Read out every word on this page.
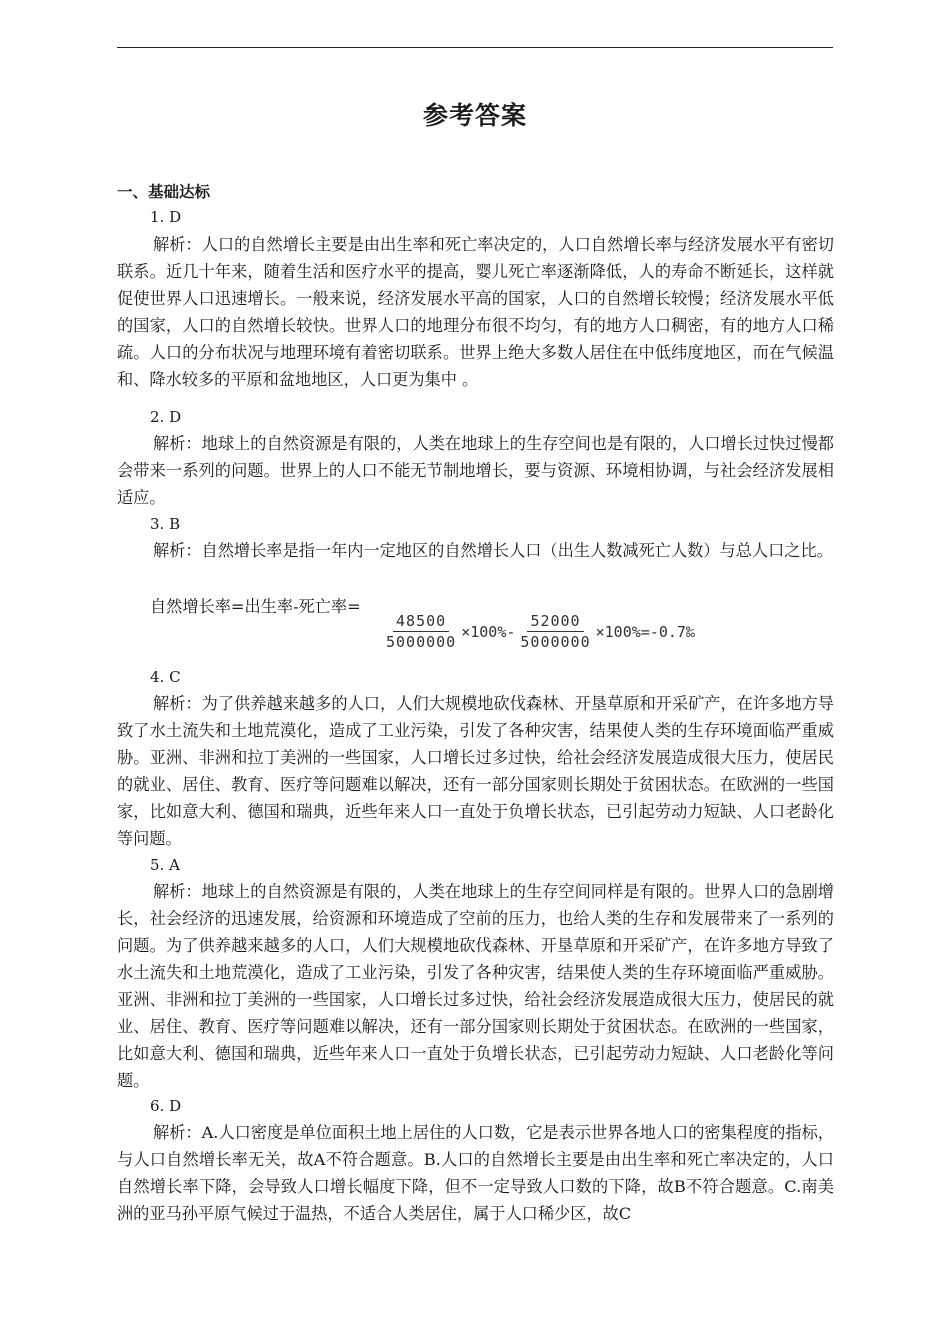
参考答案
一、基础达标
1. D
解析：人口的自然增长主要是由出生率和死亡率决定的，人口自然增长率与经济发展水平有密切联系。近几十年来，随着生活和医疗水平的提高，婴儿死亡率逐渐降低，人的寿命不断延长，这样就促使世界人口迅速增长。一般来说，经济发展水平高的国家，人口的自然增长较慢；经济发展水平低的国家，人口的自然增长较快。世界人口的地理分布很不均匀，有的地方人口稠密，有的地方人口稀疏。人口的分布状况与地理环境有着密切联系。世界上绝大多数人居住在中低纬度地区，而在气候温和、降水较多的平原和盆地地区，人口更为集中 。
2. D
解析：地球上的自然资源是有限的，人类在地球上的生存空间也是有限的，人口增长过快过慢都会带来一系列的问题。世界上的人口不能无节制地增长，要与资源、环境相协调，与社会经济发展相适应。
3. B
解析：自然增长率是指一年内一定地区的自然增长人口（出生人数减死亡人数）与总人口之比。
自然增长率=出生率-死亡率=
$\frac{48500}{5000000} \times 100\%- \frac{52000}{5000000}$ ×100%=-0.7‰
4. C
解析：为了供养越来越多的人口，人们大规模地砍伐森林、开垦草原和开采矿产，在许多地方导致了水土流失和土地荒漠化，造成了工业污染，引发了各种灾害，结果使人类的生存环境面临严重威胁。亚洲、非洲和拉丁美洲的一些国家，人口增长过多过快，给社会经济发展造成很大压力，使居民的就业、居住、教育、医疗等问题难以解决，还有一部分国家则长期处于贫困状态。在欧洲的一些国家，比如意大利、德国和瑞典，近些年来人口一直处于负增长状态，已引起劳动力短缺、人口老龄化等问题。
5. A
解析：地球上的自然资源是有限的，人类在地球上的生存空间同样是有限的。世界人口的急剧增长，社会经济的迅速发展，给资源和环境造成了空前的压力，也给人类的生存和发展带来了一系列的问题。为了供养越来越多的人口，人们大规模地砍伐森林、开垦草原和开采矿产，在许多地方导致了水土流失和土地荒漠化，造成了工业污染，引发了各种灾害，结果使人类的生存环境面临严重威胁。亚洲、非洲和拉丁美洲的一些国家，人口增长过多过快，给社会经济发展造成很大压力，使居民的就业、居住、教育、医疗等问题难以解决，还有一部分国家则长期处于贫困状态。在欧洲的一些国家，比如意大利、德国和瑞典，近些年来人口一直处于负增长状态，已引起劳动力短缺、人口老龄化等问题。
6. D
解析：A.人口密度是单位面积土地上居住的人口数，它是表示世界各地人口的密集程度的指标，与人口自然增长率无关，故A不符合题意。B.人口的自然增长主要是由出生率和死亡率决定的，人口自然增长率下降，会导致人口增长幅度下降，但不一定导致人口数的下降，故B不符合题意。C.南美洲的亚马孙平原气候过于温热，不适合人类居住，属于人口稀少区，故C
